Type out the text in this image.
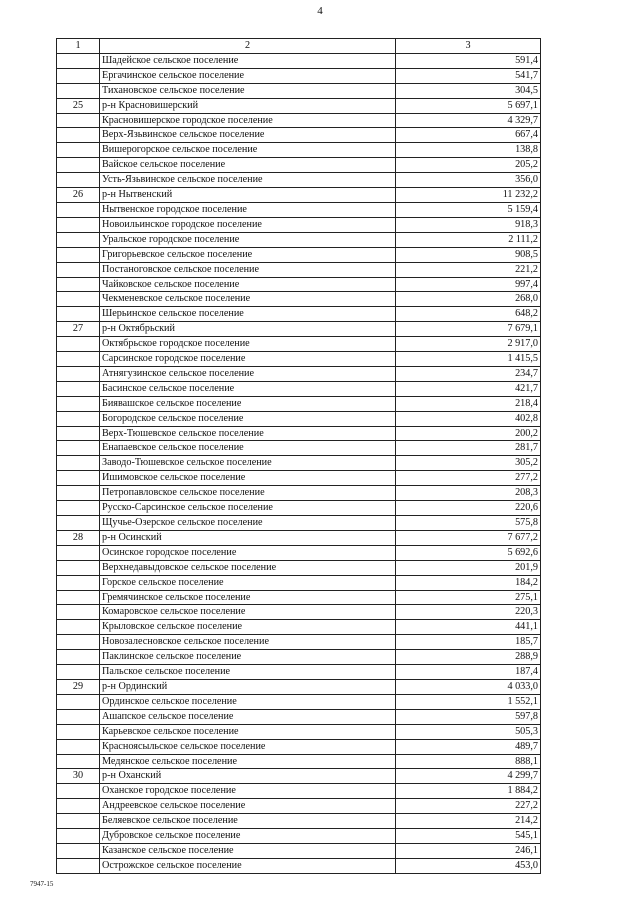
4
1	2	3
	Шадейское сельское поселение	591,4
	Ергачинское сельское поселение	541,7
	Тихановское сельское поселение	304,5
25	р-н Красновишерский	5 697,1
	Красновишерское городское поселение	4 329,7
	Верх-Язьвинское сельское поселение	667,4
	Вишерогорское сельское поселение	138,8
	Вайское сельское поселение	205,2
	Усть-Язьвинское сельское поселение	356,0
26	р-н Нытвенский	11 232,2
	Нытвенское городское поселение	5 159,4
	Новоильинское городское поселение	918,3
	Уральское городское поселение	2 111,2
	Григорьевское сельское поселение	908,5
	Постаноговское сельское поселение	221,2
	Чайковское сельское поселение	997,4
	Чекменевское сельское поселение	268,0
	Шерьинское сельское поселение	648,2
27	р-н Октябрьский	7 679,1
	Октябрьское городское поселение	2 917,0
	Сарсинское городское поселение	1 415,5
	Атнягузинское сельское поселение	234,7
	Басинское сельское поселение	421,7
	Биявашское сельское поселение	218,4
	Богородское сельское поселение	402,8
	Верх-Тюшевское сельское поселение	200,2
	Енапаевское сельское поселение	281,7
	Заводо-Тюшевское сельское поселение	305,2
	Ишимовское сельское поселение	277,2
	Петропавловское сельское поселение	208,3
	Русско-Сарсинское сельское поселение	220,6
	Щучье-Озерское сельское поселение	575,8
28	р-н Осинский	7 677,2
	Осинское городское поселение	5 692,6
	Верхнедавыдовское сельское поселение	201,9
	Горское сельское поселение	184,2
	Гремячинское сельское поселение	275,1
	Комаровское сельское поселение	220,3
	Крыловское сельское поселение	441,1
	Новозалесновское сельское поселение	185,7
	Паклинское сельское поселение	288,9
	Пальское сельское поселение	187,4
29	р-н Ординский	4 033,0
	Ординское сельское поселение	1 552,1
	Ашапское сельское поселение	597,8
	Карьевское сельское поселение	505,3
	Красноясыльское сельское поселение	489,7
	Медянское сельское поселение	888,1
30	р-н Оханский	4 299,7
	Оханское городское поселение	1 884,2
	Андреевское сельское поселение	227,2
	Беляевское сельское поселение	214,2
	Дубровское сельское поселение	545,1
	Казанское сельское поселение	246,1
	Острожское сельское поселение	453,0
7947-15
